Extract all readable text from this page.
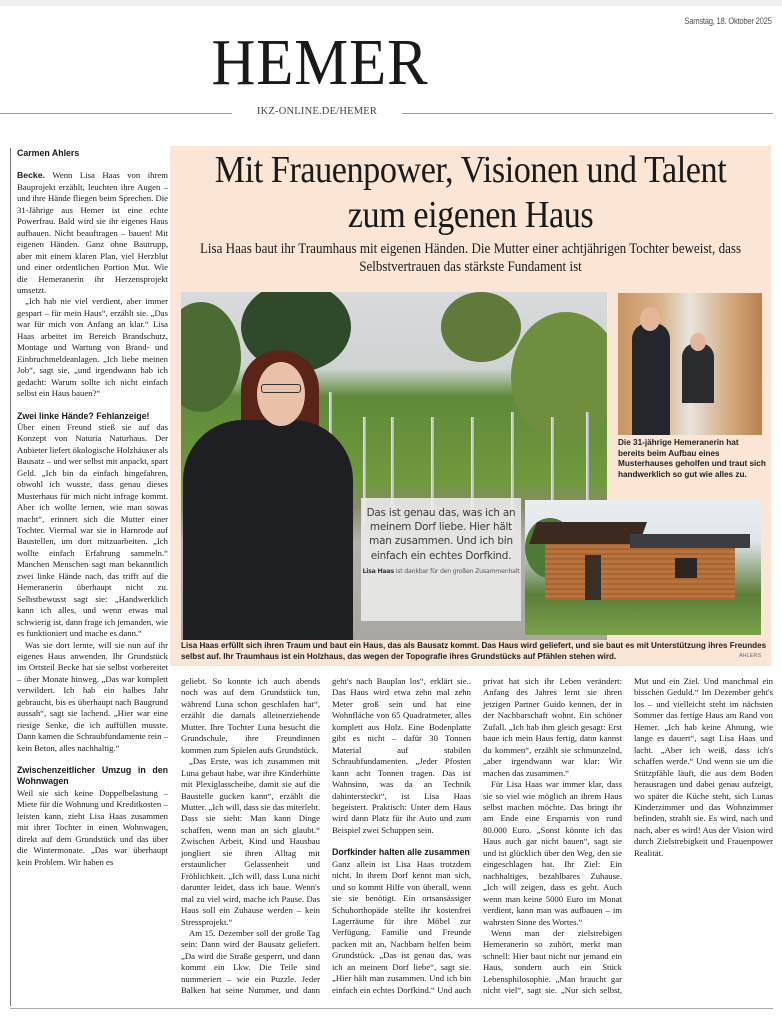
Samstag, 18. Oktober 2025
HEMER
IKZ-ONLINE.DE/HEMER
Carmen Ahlers

Becke. Wenn Lisa Haas von ihrem Bauprojekt erzählt, leuchten ihre Augen – und ihre Hände fliegen beim Sprechen. Die 31-Jährige aus Hemer ist eine echte Powerfrau. Bald wird sie ihr eigenes Haus aufbauen. Nicht beauftragen – bauen! Mit eigenen Händen. Ganz ohne Bautrupp, aber mit einem klaren Plan, viel Herzblut und einer ordentlichen Portion Mut. Wie die Hemeranerin ihr Herzensprojekt umsetzt.

„Ich hab nie viel verdient, aber immer gespart – für mein Haus“, erzählt sie. „Das war für mich von Anfang an klar.“ Lisa Haas arbeitet im Bereich Brandschutz, Montage und Wartung von Brand- und Einbruchmeldeanlagen. „Ich liebe meinen Job“, sagt sie, „und irgendwann hab ich gedacht: Warum sollte ich nicht einfach selbst ein Haus bauen?“

Zwei linke Hände? Fehlanzeige!

Über einen Freund stieß sie auf das Konzept von Naturia Naturhaus. Der Anbieter liefert ökologische Holzhäuser als Bausatz – und wer selbst mit anpackt, spart Geld. „Ich bin da einfach hingefahren, obwohl ich wusste, dass genau dieses Musterhaus für mich nicht infrage kommt. Aber ich wollte lernen, wie man sowas macht“, erinnert sich die Mutter einer Tochter. Viermal war sie in Harnrode auf Baustellen, um dort mitzuarbeiten. „Ich wollte einfach Erfahrung sammeln.“ Manchen Menschen sagt man bekanntlich zwei linke Hände nach, das trifft auf die Hemeranerin überhaupt nicht zu. Selbstbewusst sagt sie: „Handwerklich kann ich alles, und wenn etwas mal schwierig ist, dann frage ich jemanden, wie es funktioniert und mache es dann.“

Was sie dort lernte, will sie nun auf ihr eigenes Haus anwenden. Ihr Grundstück im Ortsteil Becke hat sie selbst vorbereitet – über Monate hinweg. „Das war komplett verwildert. Ich hab ein halbes Jahr gebraucht, bis es überhaupt nach Baugrund aussah“, sagt sie lachend. „Hier war eine riesige Senke, die ich auffüllen musste. Dann kamen die Schraubfundamente rein – kein Beton, alles nachhaltig.“

Zwischenzeitlicher Umzug in den Wohnwagen

Weil sie sich keine Doppelbelastung – Miete für die Wohnung und Kreditkosten – leisten kann, zieht Lisa Haas zusammen mit ihrer Tochter in einen Wohnwagen, direkt auf dem Grundstück und das über die Wintermonate. „Das war überhaupt kein Problem. Wir haben es

Mit Frauenpower, Visionen und Talent zum eigenen Haus
Lisa Haas baut ihr Traumhaus mit eigenen Händen. Die Mutter einer achtjährigen Tochter beweist, dass Selbstvertrauen das stärkste Fundament ist
Das ist genau das, was ich an meinem Dorf liebe. Hier hält man zusammen. Und ich bin einfach ein echtes Dorfkind.
Lisa Haas ist dankbar für den großen Zusammenhalt
Die 31-jährige Hemeranerin hat bereits beim Aufbau eines Musterhauses geholfen und traut sich handwerklich so gut wie alles zu.
Lisa Haas erfüllt sich ihren Traum und baut ein Haus, das als Bausatz kommt. Das Haus wird geliefert, und sie baut es mit Unterstützung ihres Freundes selbst auf. Ihr Traumhaus ist ein Holzhaus, das wegen der Topografie ihres Grundstücks auf Pfählen stehen wird.	AHLERS

geliebt. So konnte ich auch abends noch was auf dem Grundstück tun, während Luna schon geschlafen hat“, erzählt die damals alleinerziehende Mutter. Ihre Tochter Luna besucht die Grundschule, ihre Freundinnen kommen zum Spielen aufs Grundstück.

„Das Erste, was ich zusammen mit Luna gebaut habe, war ihre Kinderhütte mit Plexiglasscheibe, damit sie auf die Baustelle gucken kann“, erzählt die Mutter. „Ich will, dass sie das miterlebt. Dass sie sieht: Man kann Dinge schaffen, wenn man an sich glaubt.“ Zwischen Arbeit, Kind und Hausbau jongliert sie ihren Alltag mit erstaunlicher Gelassenheit und Fröhlichkeit. „Ich will, dass Luna nicht darunter leidet, dass ich baue. Wenn's mal zu viel wird, mache ich Pause. Das Haus soll ein Zuhause werden – kein Stressprojekt.“

Am 15. Dezember soll der große Tag sein: Dann wird der Bausatz geliefert. „Da wird die Straße gesperrt, und dann kommt ein Lkw. Die Teile sind nummeriert – wie ein Puzzle. Jeder Balken hat seine Nummer, und dann geht's nach Bauplan los“, erklärt sie.. Das Haus wird etwa zehn mal zehn Meter groß sein und hat eine Wohnfläche von 65 Quadratmeter, alles komplett aus Holz. Eine Bodenplatte gibt es nicht – dafür 30 Tonnen Material auf stabilen Schraubfundamenten. „Jeder Pfosten kann acht Tonnen tragen. Das ist Wahnsinn, was da an Technik dahintersteckt“, ist Lisa Haas begeistert. Praktisch: Unter dem Haus wird dann Platz für ihr Auto und zum Beispiel zwei Schuppen sein.

Dorfkinder halten alle zusammen

Ganz allein ist Lisa Haas trotzdem nicht. In ihrem Dorf kennt man sich, und so kommt Hilfe von überall, wenn sie sie benötigt. Ein ortsansässiger Schuhorthopäde stellte ihr kostenfrei Lagerräume für ihre Möbel zur Verfügung. Familie und Freunde packen mit an, Nachbarn helfen beim Grundstück. „Das ist genau das, was ich an meinem Dorf liebe“, sagt sie. „Hier hält man zusammen. Und ich bin einfach ein echtes Dorfkind.“ Und auch privat hat sich ihr Leben verändert: Anfang des Jahres lernt sie ihren jetzigen Partner Guido kennen, der in der Nachbarschaft wohnt. Ein schöner Zufall. „Ich hab ihm gleich gesagt: Erst baue ich mein Haus fertig, dann kannst du kommen“, erzählt sie schmunzelnd, „aber irgendwann war klar: Wir machen das zusammen.“

Für Lisa Haas war immer klar, dass sie so viel wie möglich an ihrem Haus selbst machen möchte. Das bringt ihr am Ende eine Ersparnis von rund 80.000 Euro. „Sonst könnte ich das Haus auch gar nicht bauen“, sagt sie und ist glücklich über den Weg, den sie eingeschlagen hat. Ihr Ziel: Ein nachhaltiges, bezahlbares Zuhause. „Ich will zeigen, dass es geht. Auch wenn man keine 5000 Euro im Monat verdient, kann man was aufbauen – im wahrsten Sinne des Wortes.“

Wenn man der zielstrebigen Hemeranerin so zuhört, merkt man schnell: Hier baut nicht nur jemand ein Haus, sondern auch ein Stück Lebensphilosophie. „Man braucht gar nicht viel“, sagt sie. „Nur sich selbst, Mut und ein Ziel. Und manchmal ein bisschen Geduld.“ Im Dezember geht's los – und vielleicht steht im nächsten Sommer das fertige Haus am Rand von Hemer. „Ich hab keine Ahnung, wie lange es dauert“, sagt Lisa Haas und lacht. „Aber ich weiß, dass ich's schaffen werde.“ Und wenn sie um die Stützpfähle läuft, die aus dem Boden herausragen und dabei genau aufzeigt, wo später die Küche steht, sich Lunas Kinderzimmer und das Wohnzimmer befinden, strahlt sie. Es wird, nach und nach, aber es wird! Aus der Vision wird durch Zielstrebigkeit und Frauenpower Realität.
